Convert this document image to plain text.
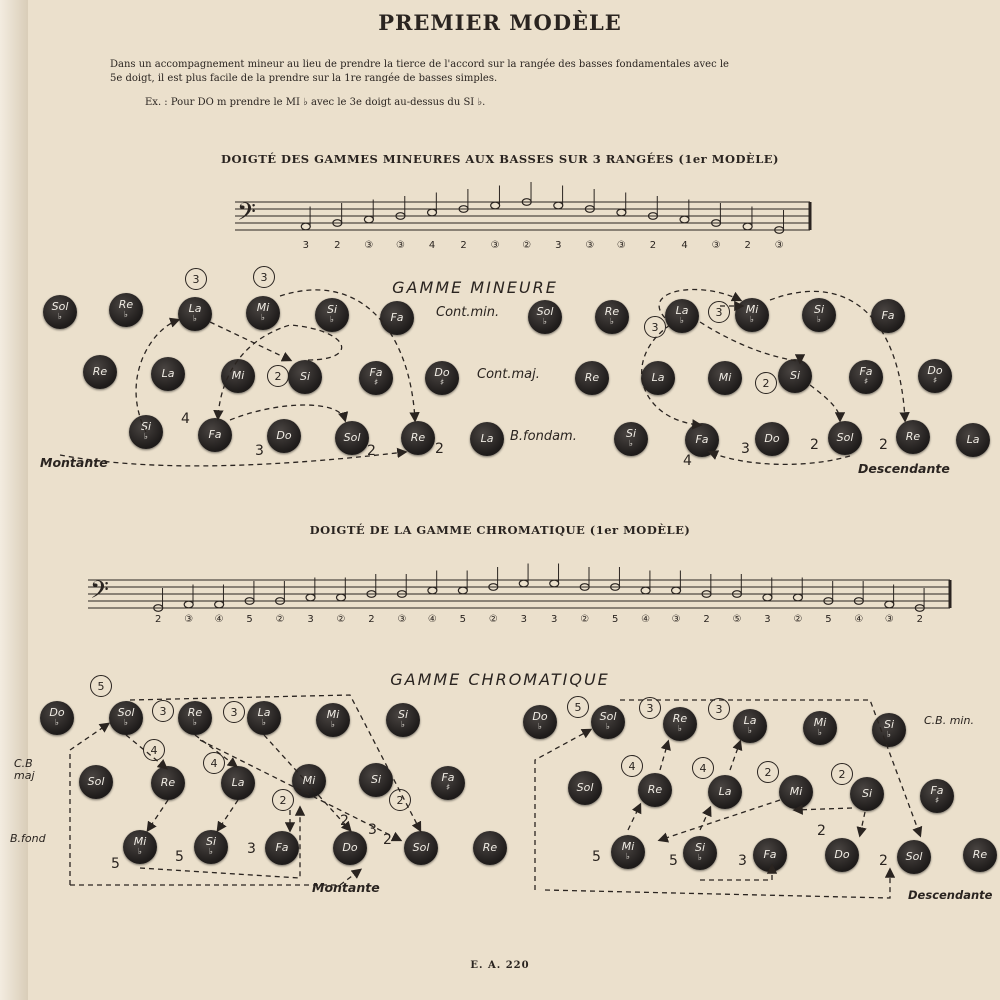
PREMIER MODÈLE
Dans un accompagnement mineur au lieu de prendre la tierce de l'accord sur la rangée des basses fondamentales avec le
5e doigt, il est plus facile de la prendre sur la 1re rangée de basses simples.
Ex. : Pour DO m prendre le MI ♭ avec le 3e doigt au-dessus du SI ♭.
DOIGTÉ DES GAMMES MINEURES AUX BASSES SUR 3 RANGÉES (1er MODÈLE)
DOIGTÉ DE LA GAMME CHROMATIQUE (1er MODÈLE)
𝄢
3	2 ③ ③ 4	2 ③ ② 3 ③ ③ 2	4 ③ 2 ③
GAMME MINEURE
Cont.min.
Cont.maj.
B.fondam.
Montante	Descendante
Sol
♭
Re
♭	La
♭
Mi
♭
Si
♭	Fa	Sol
♭
Re
♭
La
♭
Mi
♭
Si
♭	Fa
Re	La	Mi	Si	Fa
♯
Do
♯	Re	La	Mi	Si	Fa
♯
Do
♯
Si
♭	Fa	Do	Sol	Re	La	Si
♭	Fa	Do	Sol	Re	La
𝄢
2 ③ ④ 5 ② 3 ② 2 ③ ④ 5 ② 3 3 ② 5 ④ ③ 2 ⑤ 3 ② 5 ④ ③ 2
GAMME CHROMATIQUE
C.B. min.
C.B maj
B.fond
Montante	Descendante
Do
♭
Sol
♭
Re
♭
La
♭
Mi
♭
Si
♭
Do
♭
Sol
♭
Re
♭
La
♭
Mi
♭
Si
♭
Sol	Re	La	Mi	Si	Fa
♯	Sol	Re	La	Mi	Si	Fa
♯
Mi
♭
Si
♭	Fa	Do	Sol	Re	Mi
♭
Si
♭	Fa	Do	Sol	Re
E. A. 220
3	3
2
4
3	2	2
3
3
2
4
3	2	2
5
3	3
4
4
2	2
5	5	3
2
3
2
5	3	3
4	4	2	2
5	5	3
2
2
